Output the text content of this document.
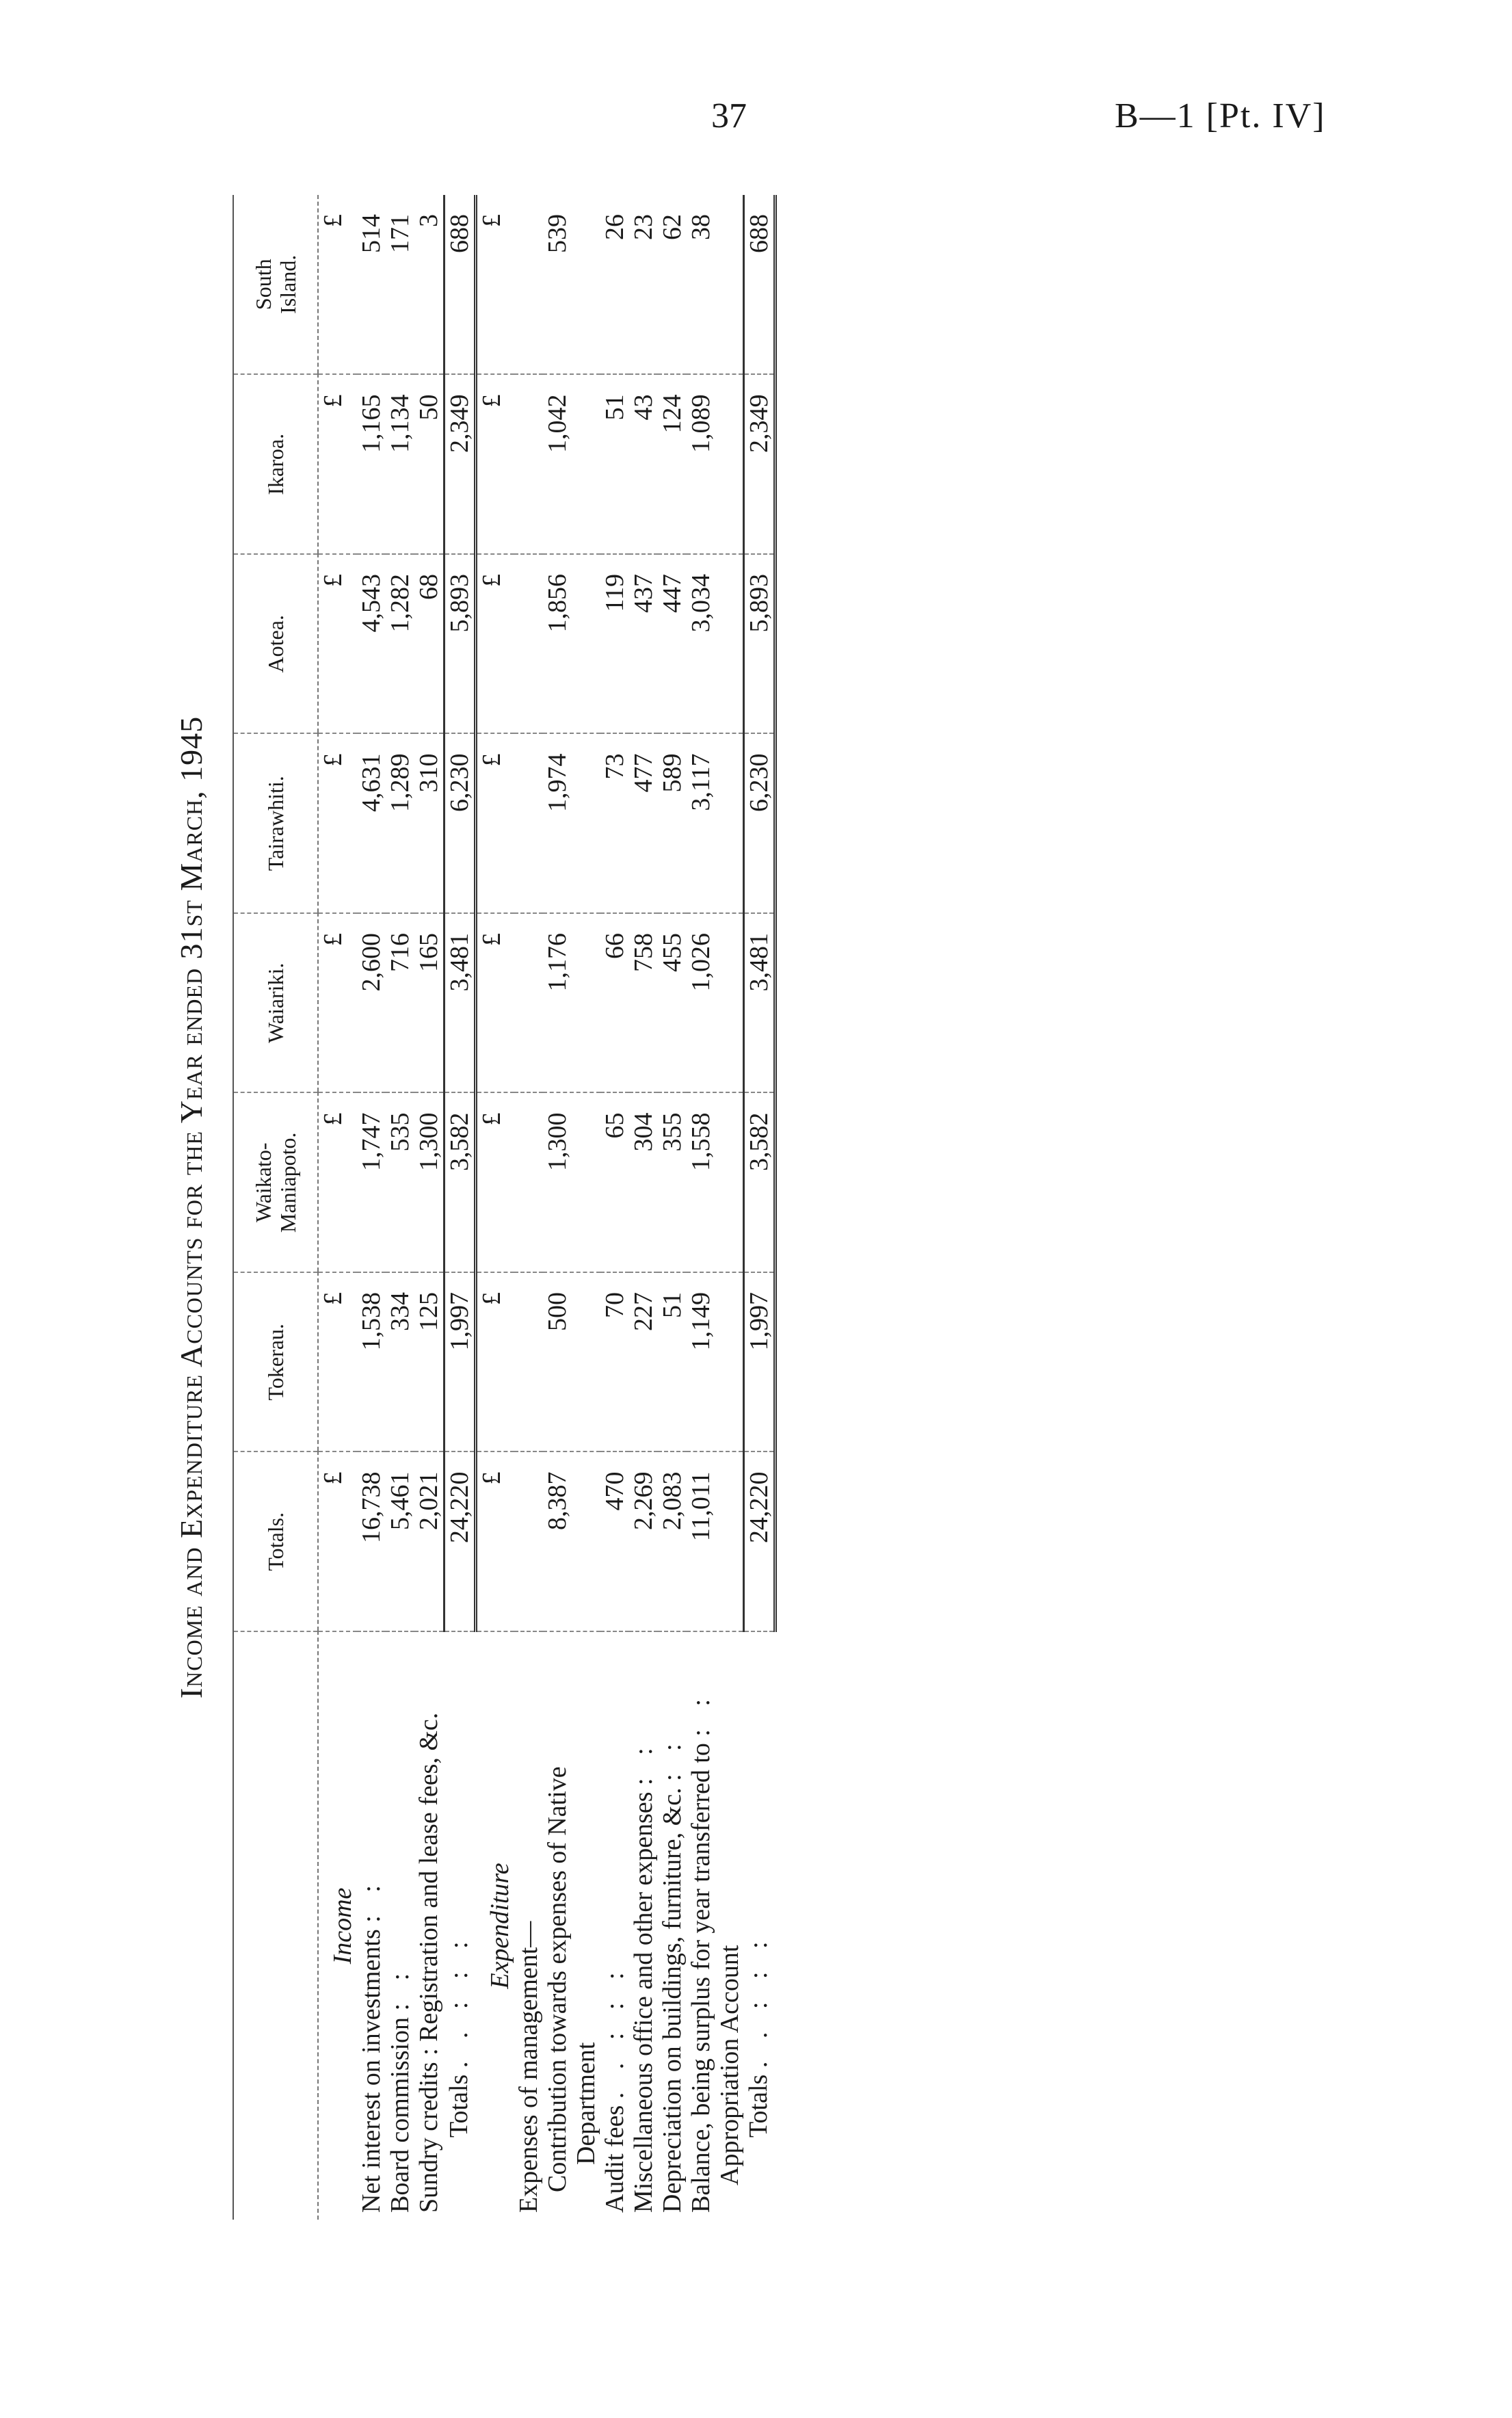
37	B—1 [Pt. IV]
Income and Expenditure Accounts for the Year ended 31st March, 1945
	Totals.	Tokerau.	Waikato-
Maniapoto.	Waiariki.	Tairawhiti.	Aotea.	Ikaroa.	South
Island.
Income	£	£	£	£	£	£	£	£
Net interest on investments : :	16,738	1,538	1,747	2,600	4,631	4,543	1,165	514
Board commission : :	5,461	334	535	716	1,289	1,282	1,134	171
Sundry credits : Registration and lease fees, &c.	2,021	125	1,300	165	310	68	50	3
Totals . . : : :	24,220	1,997	3,582	3,481	6,230	5,893	2,349	688
Expenditure	£	£	£	£	£	£	£	£
Expenses of management—								
Contribution towards expenses of Native
Department	8,387	500	1,300	1,176	1,974	1,856	1,042	539
Audit fees . . : : :	470	70	65	66	73	119	51	26
Miscellaneous office and other expenses : :	2,269	227	304	758	477	437	43	23
Depreciation on buildings, furniture, &c. : :	2,083	51	355	455	589	447	124	62
Balance, being surplus for year transferred to : :
Appropriation Account	11,011	1,149	1,558	1,026	3,117	3,034	1,089	38
Totals . . : : :	24,220	1,997	3,582	3,481	6,230	5,893	2,349	688
